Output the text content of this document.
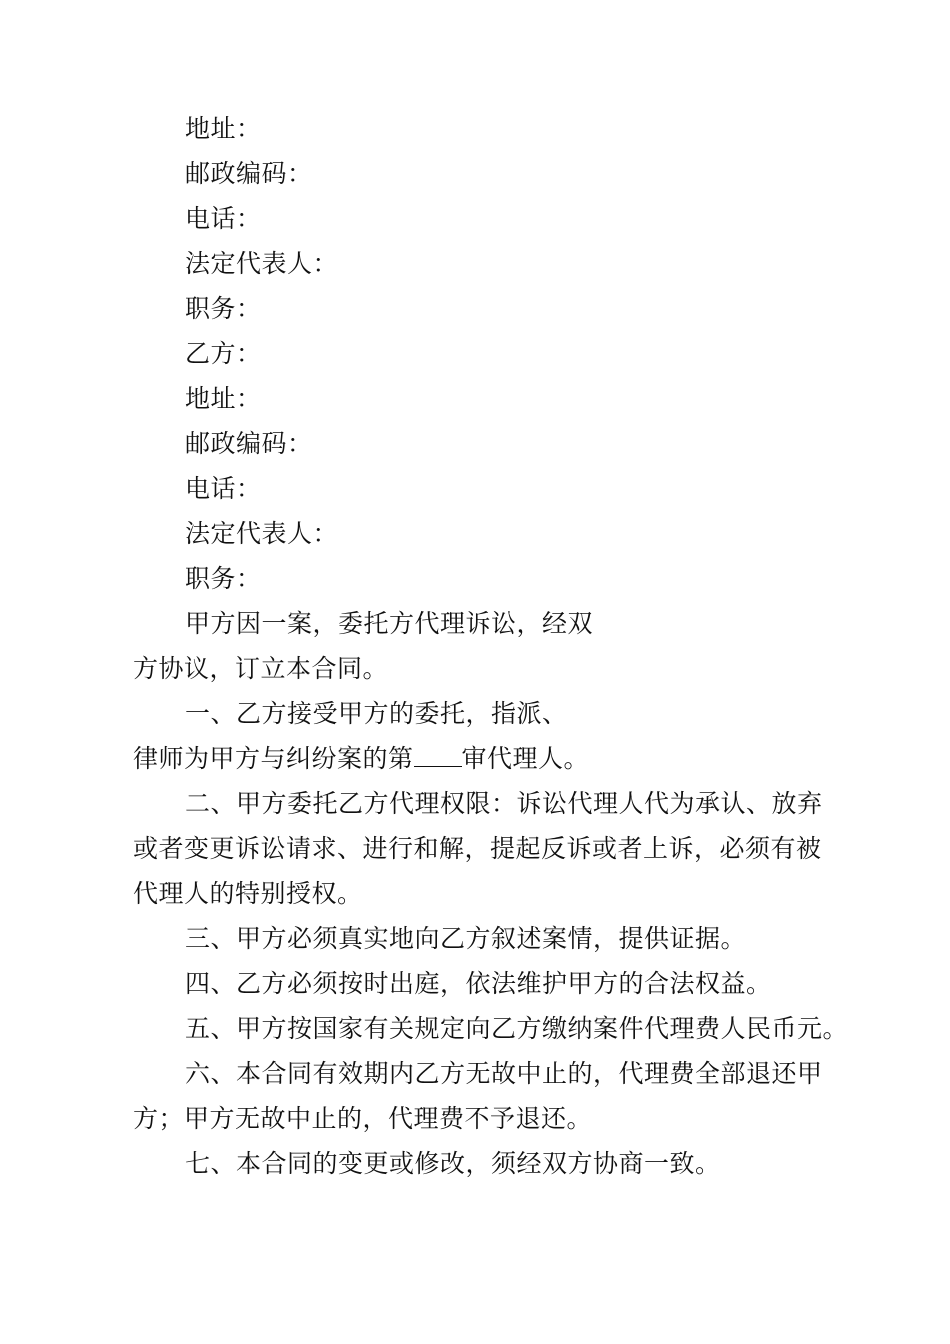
地址：
邮政编码：
电话：
法定代表人：
职务：
乙方：
地址：
邮政编码：
电话：
法定代表人：
职务：
甲方因一案，委托方代理诉讼，经双
方协议，订立本合同。
一、乙方接受甲方的委托，指派、
律师为甲方与纠纷案的第 审代理人。
二、甲方委托乙方代理权限：诉讼代理人代为承认、放弃
或者变更诉讼请求、进行和解，提起反诉或者上诉，必须有被
代理人的特别授权。
三、甲方必须真实地向乙方叙述案情，提供证据。
四、乙方必须按时出庭，依法维护甲方的合法权益。
五、甲方按国家有关规定向乙方缴纳案件代理费人民币元。
六、本合同有效期内乙方无故中止的，代理费全部退还甲
方；甲方无故中止的，代理费不予退还。
七、本合同的变更或修改，须经双方协商一致。
